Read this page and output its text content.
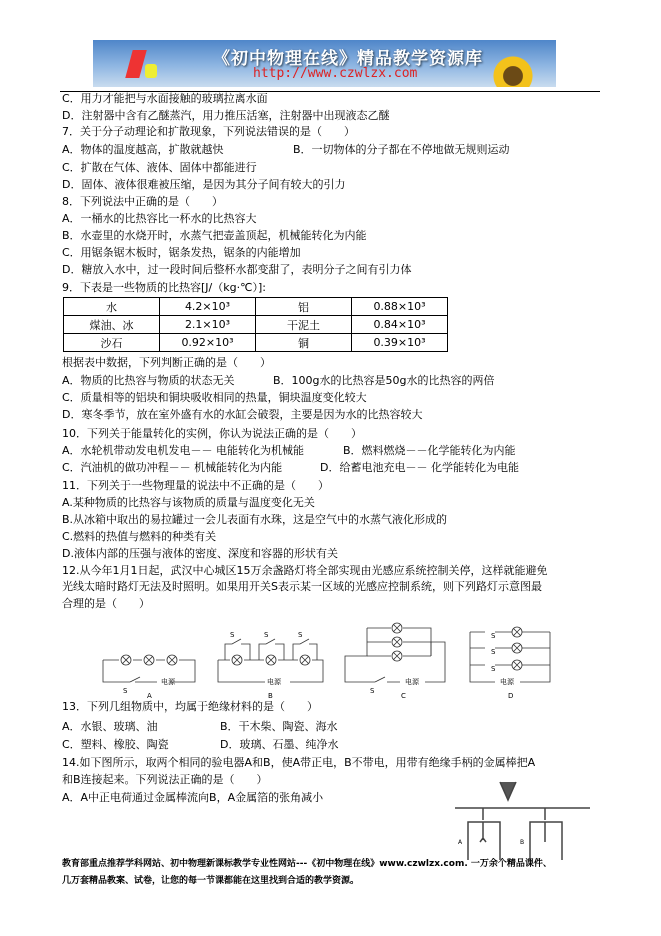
《初中物理在线》精品教学资源库
http://www.czwlzx.com
C．用力才能把与水面接触的玻璃拉离水面
D．注射器中含有乙醚蒸汽，用力推压活塞，注射器中出现液态乙醚
7．关于分子动理论和扩散现象，下列说法错误的是（　　）
A．物体的温度越高，扩散就越快	B．一切物体的分子都在不停地做无规则运动
C．扩散在气体、液体、固体中都能进行
D．固体、液体很难被压缩，是因为其分子间有较大的引力
8．下列说法中正确的是（　　）
A．一桶水的比热容比一杯水的比热容大
B．水壶里的水烧开时，水蒸气把壶盖顶起，机械能转化为内能
C．用锯条锯木板时，锯条发热，锯条的内能增加
D．糖放入水中，过一段时间后整杯水都变甜了，表明分子之间有引力体
9．下表是一些物质的比热容[J/（kg·℃）]:
水	4.2×10³	铝	0.88×10³
煤油、冰	2.1×10³	干泥土	0.84×10³
沙石	0.92×10³	铜	0.39×10³
根据表中数据，下列判断正确的是（　　）
A．物质的比热容与物质的状态无关	B．100g水的比热容是50g水的比热容的两倍
C．质量相等的铝块和铜块吸收相同的热量，铜块温度变化较大
D．寒冬季节，放在室外盛有水的水缸会破裂，主要是因为水的比热容较大
10．下列关于能量转化的实例，你认为说法正确的是（　　）
A．水轮机带动发电机发电－－ 电能转化为机械能	B．燃料燃烧－－化学能转化为内能
C．汽油机的做功冲程－－ 机械能转化为内能	D．给蓄电池充电－－ 化学能转化为电能
11．下列关于一些物理量的说法中不正确的是（　　）
A.某种物质的比热容与该物质的质量与温度变化无关
B.从冰箱中取出的易拉罐过一会儿表面有水珠，这是空气中的水蒸气液化形成的
C.燃料的热值与燃料的种类有关
D.液体内部的压强与液体的密度、深度和容器的形状有关
12.从今年1月1日起，武汉中心城区15万余盏路灯将全部实现由光感应系统控制关停，这样就能避免
光线太暗时路灯无法及时照明。如果用开关S表示某一区域的光感应控制系统，则下列路灯示意图最
合理的是（　　）
S
电源
A
S	S	S
电源
B
S
电源
C
S
S
S
电源
D
13．下列几组物质中，均属于绝缘材料的是（　　）
A．水银、玻璃、油	B．干木柴、陶瓷、海水
C．塑料、橡胶、陶瓷	D．玻璃、石墨、纯净水
14.如下图所示，取两个相同的验电器A和B，使A带正电，B不带电，用带有绝缘手柄的金属棒把A
和B连接起来。下列说法正确的是（　　）
A．A中正电荷通过金属棒流向B，A金属箔的张角减小
A	B
教育部重点推荐学科网站、初中物理新课标教学专业性网站---《初中物理在线》www.czwlzx.com. 一万余个精品课件、
几万套精品教案、试卷，让您的每一节课都能在这里找到合适的教学资源。
